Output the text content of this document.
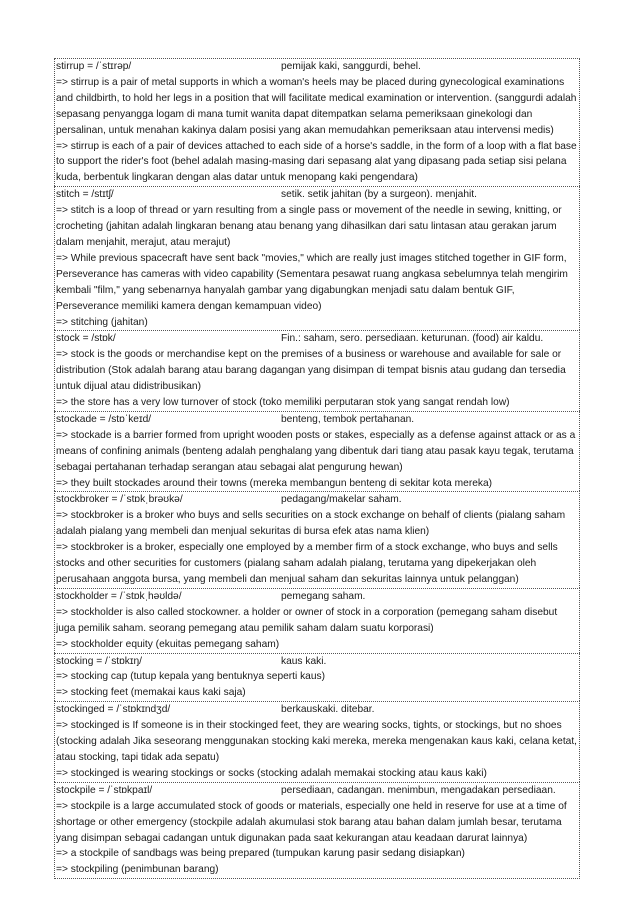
stirrup = /ˈstɪrəp/	pemijak kaki, sanggurdi, behel.

=> stirrup is a pair of metal supports in which a woman's heels may be placed during gynecological examinations and childbirth, to hold her legs in a position that will facilitate medical examination or intervention. (sanggurdi adalah sepasang penyangga logam di mana tumit wanita dapat ditempatkan selama pemeriksaan ginekologi dan persalinan, untuk menahan kakinya dalam posisi yang akan memudahkan pemeriksaan atau intervensi medis)

=> stirrup is each of a pair of devices attached to each side of a horse's saddle, in the form of a loop with a flat base to support the rider's foot (behel adalah masing-masing dari sepasang alat yang dipasang pada setiap sisi pelana kuda, berbentuk lingkaran dengan alas datar untuk menopang kaki pengendara)

stitch = /stɪtʃ/	setik. setik jahitan (by a surgeon). menjahit.

=> stitch is a loop of thread or yarn resulting from a single pass or movement of the needle in sewing, knitting, or crocheting (jahitan adalah lingkaran benang atau benang yang dihasilkan dari satu lintasan atau gerakan jarum dalam menjahit, merajut, atau merajut)

=> While previous spacecraft have sent back "movies," which are really just images stitched together in GIF form, Perseverance has cameras with video capability (Sementara pesawat ruang angkasa sebelumnya telah mengirim kembali "film," yang sebenarnya hanyalah gambar yang digabungkan menjadi satu dalam bentuk GIF, Perseverance memiliki kamera dengan kemampuan video)

=> stitching (jahitan)

stock = /stɒk/	Fin.: saham, sero. persediaan. keturunan. (food) air kaldu.

=> stock is the goods or merchandise kept on the premises of a business or warehouse and available for sale or distribution (Stok adalah barang atau barang dagangan yang disimpan di tempat bisnis atau gudang dan tersedia untuk dijual atau didistribusikan)

=> the store has a very low turnover of stock (toko memiliki perputaran stok yang sangat rendah low)

stockade = /stɒˈkeɪd/	benteng, tembok pertahanan.

=> stockade is a barrier formed from upright wooden posts or stakes, especially as a defense against attack or as a means of confining animals (benteng adalah penghalang yang dibentuk dari tiang atau pasak kayu tegak, terutama sebagai pertahanan terhadap serangan atau sebagai alat pengurung hewan)

=> they built stockades around their towns (mereka membangun benteng di sekitar kota mereka)

stockbroker = /ˈstɒkˌbrəʊkə/	pedagang/makelar saham.

=> stockbroker is a broker who buys and sells securities on a stock exchange on behalf of clients (pialang saham adalah pialang yang membeli dan menjual sekuritas di bursa efek atas nama klien)

=> stockbroker is a broker, especially one employed by a member firm of a stock exchange, who buys and sells stocks and other securities for customers (pialang saham adalah pialang, terutama yang dipekerjakan oleh perusahaan anggota bursa, yang membeli dan menjual saham dan sekuritas lainnya untuk pelanggan)

stockholder = /ˈstɒkˌhəʊldə/	pemegang saham.

=> stockholder is also called stockowner. a holder or owner of stock in a corporation (pemegang saham disebut juga pemilik saham. seorang pemegang atau pemilik saham dalam suatu korporasi)

=> stockholder equity (ekuitas pemegang saham)

stocking = /ˈstɒkɪŋ/	kaus kaki.

=> stocking cap (tutup kepala yang bentuknya seperti kaus)

=> stocking feet (memakai kaus kaki saja)

stockinged = /ˈstɒkɪndʒd/	berkauskaki. ditebar.

=> stockinged is If someone is in their stockinged feet, they are wearing socks, tights, or stockings, but no shoes (stocking adalah Jika seseorang menggunakan stocking kaki mereka, mereka mengenakan kaus kaki, celana ketat, atau stocking, tapi tidak ada sepatu)

=> stockinged is wearing stockings or socks (stocking adalah memakai stocking atau kaus kaki)

stockpile = /ˈstɒkpaɪl/	persediaan, cadangan. menimbun, mengadakan persediaan.

=> stockpile is a large accumulated stock of goods or materials, especially one held in reserve for use at a time of shortage or other emergency (stockpile adalah akumulasi stok barang atau bahan dalam jumlah besar, terutama yang disimpan sebagai cadangan untuk digunakan pada saat kekurangan atau keadaan darurat lainnya)

=> a stockpile of sandbags was being prepared (tumpukan karung pasir sedang disiapkan)

=> stockpiling (penimbunan barang)
